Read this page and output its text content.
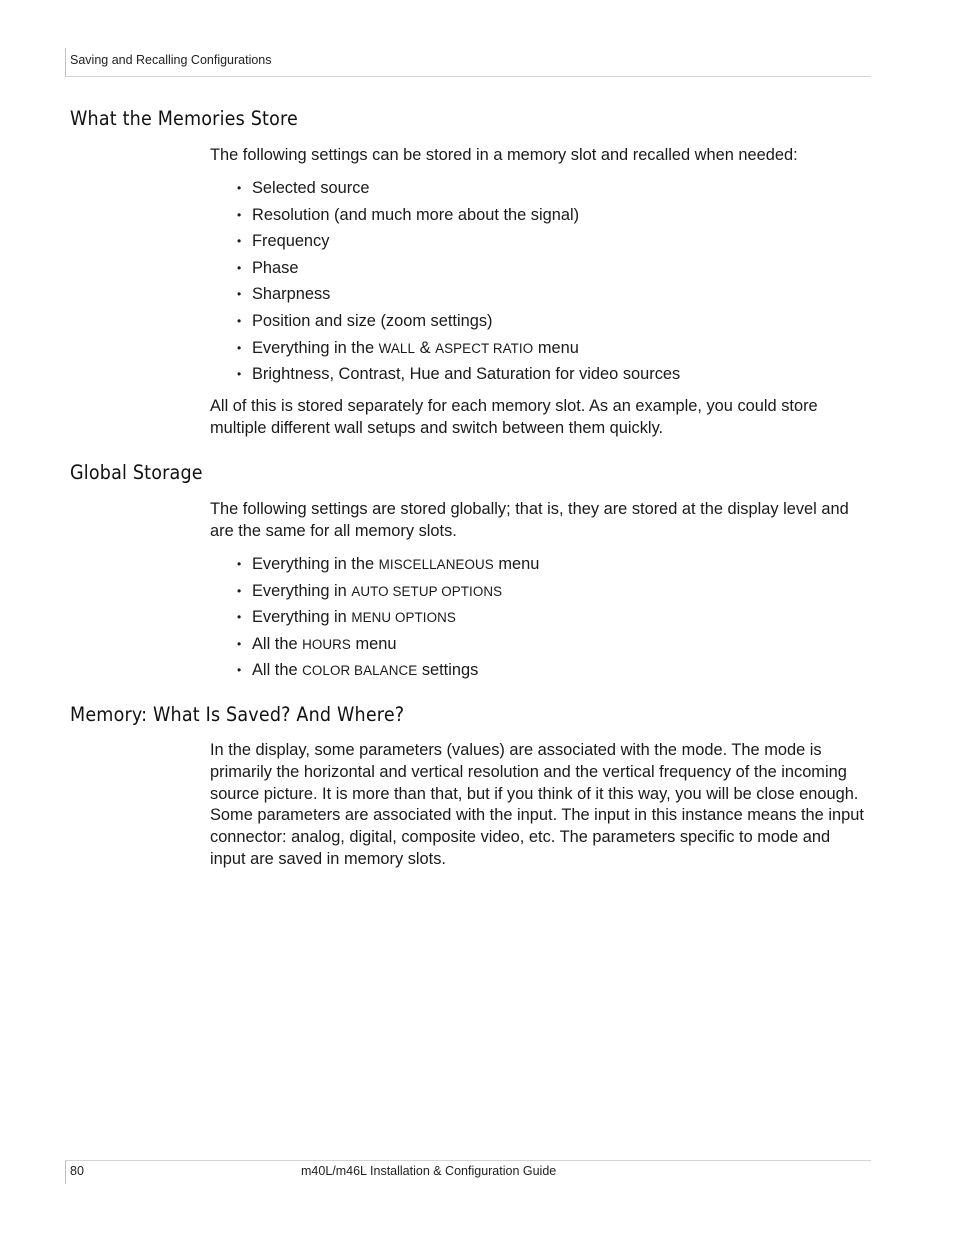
Saving and Recalling Configurations
What the Memories Store

The following settings can be stored in a memory slot and recalled when needed:

• Selected source
• Resolution (and much more about the signal)
• Frequency
• Phase
• Sharpness
• Position and size (zoom settings)
• Everything in the WALL & ASPECT RATIO menu
• Brightness, Contrast, Hue and Saturation for video sources

All of this is stored separately for each memory slot. As an example, you could store multiple different wall setups and switch between them quickly.

Global Storage

The following settings are stored globally; that is, they are stored at the display level and are the same for all memory slots.

• Everything in the MISCELLANEOUS menu
• Everything in AUTO SETUP OPTIONS
• Everything in MENU OPTIONS
• All the HOURS menu
• All the COLOR BALANCE settings
Memory: What Is Saved? And Where?

In the display, some parameters (values) are associated with the mode. The mode is primarily the horizontal and vertical resolution and the vertical frequency of the incoming source picture. It is more than that, but if you think of it this way, you will be close enough. Some parameters are associated with the input. The input in this instance means the input connector: analog, digital, composite video, etc. The parameters specific to mode and input are saved in memory slots.

80	m40L/m46L Installation & Configuration Guide
